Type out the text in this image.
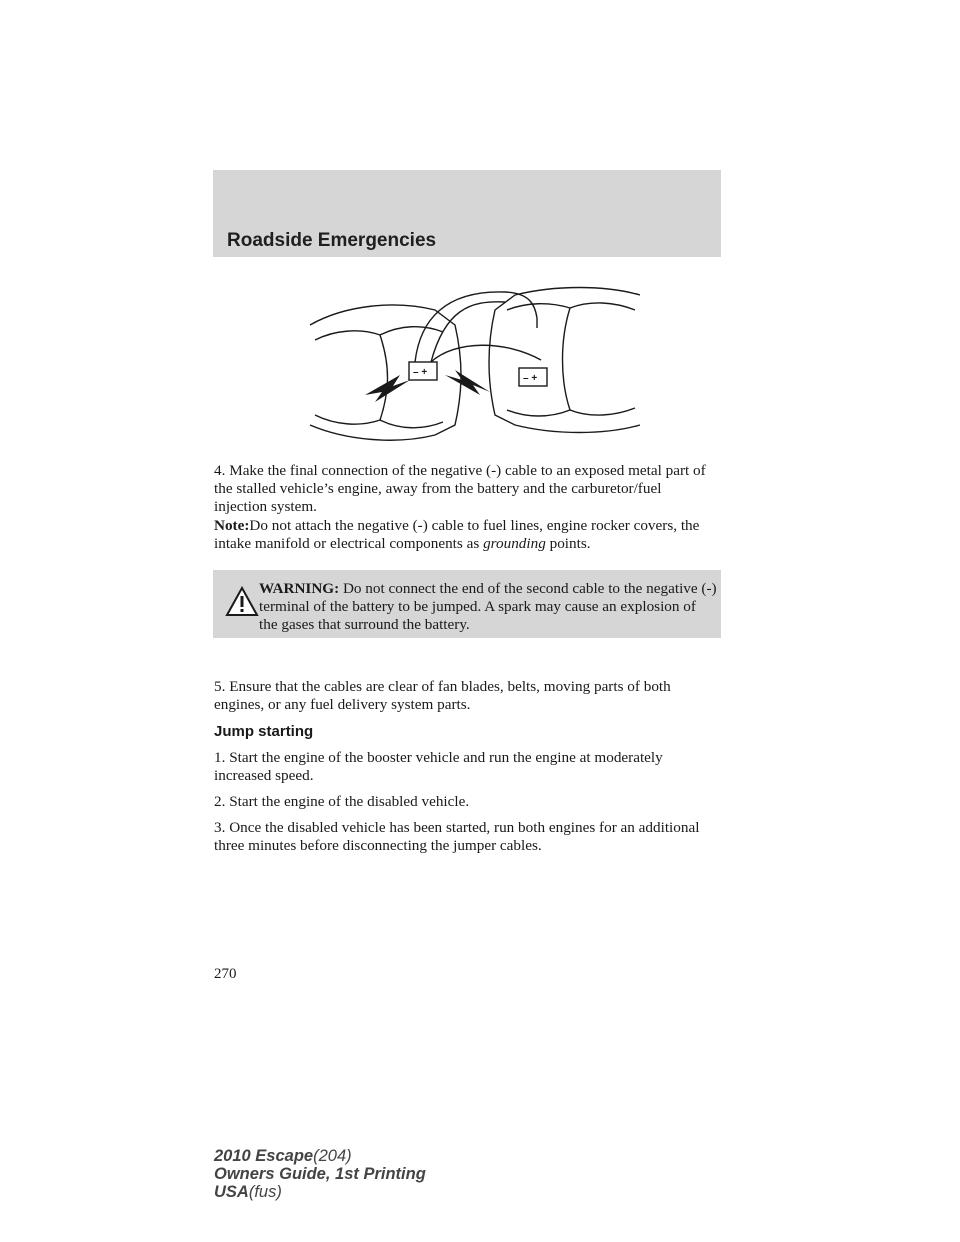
Roadside Emergencies
– +
– +

4. Make the final connection of the negative (-) cable to an exposed metal part of the stalled vehicle’s engine, away from the battery and the carburetor/fuel injection system.

Note:Do not attach the negative (-) cable to fuel lines, engine rocker covers, the intake manifold or electrical components as grounding points.

WARNING: Do not connect the end of the second cable to the negative (-) terminal of the battery to be jumped. A spark may cause an explosion of the gases that surround the battery.

5. Ensure that the cables are clear of fan blades, belts, moving parts of both engines, or any fuel delivery system parts.

Jump starting

1. Start the engine of the booster vehicle and run the engine at moderately increased speed.

2. Start the engine of the disabled vehicle.

3. Once the disabled vehicle has been started, run both engines for an additional three minutes before disconnecting the jumper cables.

270
2010 Escape(204)
Owners Guide, 1st Printing
USA(fus)
